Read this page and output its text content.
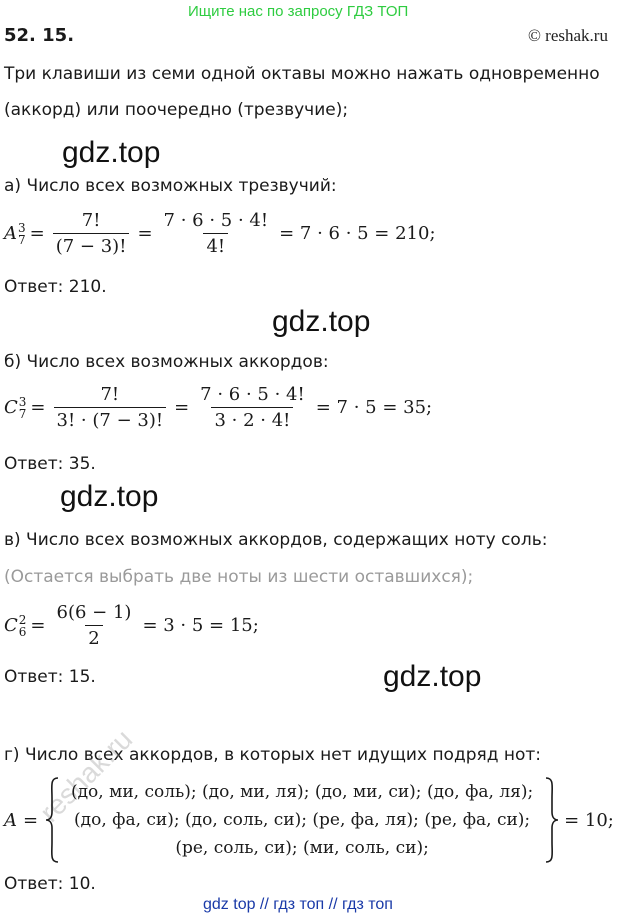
Ищите нас по запросу ГДЗ ТОП
52. 15.	© reshak.ru
Три клавиши из семи одной октавы можно нажать одновременно
(аккорд) или поочередно (трезвучие);
gdz.top
а) Число всех возможных трезвучий:
A 3
$7 = \frac{7!}{(7 - 3)!} = \frac{7 \cdot 6 \cdot 5 \cdot 4!}{4!} = 7 \cdot 6 \cdot 5 = 210$;
Ответ: 210.
gdz.top
б) Число всех возможных аккордов:
C 3
$7 = \frac{7!}{3! \cdot (7 - 3)!} = \frac{7 \cdot 6 \cdot 5 \cdot 4!}{3 \cdot 2 \cdot 4!} = 7 \cdot 5 = 35$;
Ответ: 35.
gdz.top
в) Число всех возможных аккордов, содержащих ноту соль:
(Остается выбрать две ноты из шести оставшихся);
C 2
$6 = \frac{6(6 - 1)}{2} = 3 \cdot 5 = 15$;
Ответ: 15.	gdz.top
г) Число всех аккордов, в которых нет идущих подряд нот:
reshak.ru
A =
(до, ми, соль); (до, ми, ля); (до, ми, си); (до, фа, ля);
(до, фа, си); (до, соль, си); (ре, фа, ля); (ре, фа, си);
(ре, соль, си); (ми, соль, си);
= 10;
Ответ: 10.
gdz top // гдз топ // гдз топ
